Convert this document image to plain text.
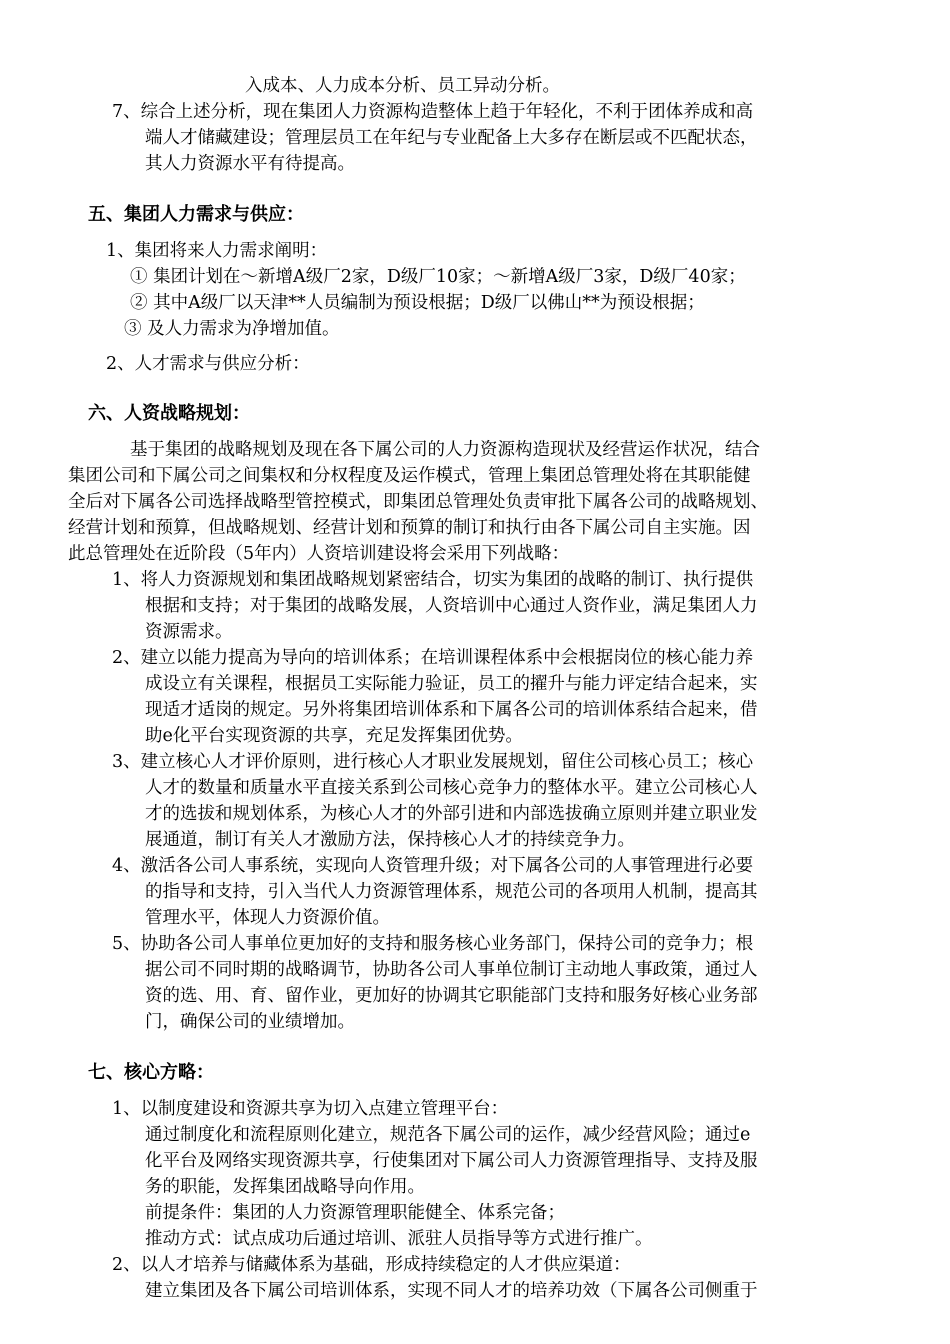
入成本、人力成本分析、员工异动分析。
7、综合上述分析，现在集团人力资源构造整体上趋于年轻化，不利于团体养成和高
端人才储藏建设；管理层员工在年纪与专业配备上大多存在断层或不匹配状态，
其人力资源水平有待提高。
五、集团人力需求与供应：
1、集团将来人力需求阐明：
① 集团计划在～新增A级厂2家，D级厂10家；～新增A级厂3家，D级厂40家；
② 其中A级厂以天津**人员编制为预设根据；D级厂以佛山**为预设根据；
③ 及人力需求为净增加值。
2、人才需求与供应分析：
六、人资战略规划：
基于集团的战略规划及现在各下属公司的人力资源构造现状及经营运作状况，结合
集团公司和下属公司之间集权和分权程度及运作模式，管理上集团总管理处将在其职能健
全后对下属各公司选择战略型管控模式，即集团总管理处负责审批下属各公司的战略规划、
经营计划和预算，但战略规划、经营计划和预算的制订和执行由各下属公司自主实施。因
此总管理处在近阶段（5年内）人资培训建设将会采用下列战略：
1、将人力资源规划和集团战略规划紧密结合，切实为集团的战略的制订、执行提供
根据和支持；对于集团的战略发展，人资培训中心通过人资作业，满足集团人力
资源需求。
2、建立以能力提高为导向的培训体系；在培训课程体系中会根据岗位的核心能力养
成设立有关课程，根据员工实际能力验证，员工的擢升与能力评定结合起来，实
现适才适岗的规定。另外将集团培训体系和下属各公司的培训体系结合起来，借
助e化平台实现资源的共享，充足发挥集团优势。
3、建立核心人才评价原则，进行核心人才职业发展规划，留住公司核心员工；核心
人才的数量和质量水平直接关系到公司核心竞争力的整体水平。建立公司核心人
才的选拔和规划体系，为核心人才的外部引进和内部选拔确立原则并建立职业发
展通道，制订有关人才激励方法，保持核心人才的持续竞争力。
4、激活各公司人事系统，实现向人资管理升级；对下属各公司的人事管理进行必要
的指导和支持，引入当代人力资源管理体系，规范公司的各项用人机制，提高其
管理水平，体现人力资源价值。
5、协助各公司人事单位更加好的支持和服务核心业务部门，保持公司的竞争力；根
据公司不同时期的战略调节，协助各公司人事单位制订主动地人事政策，通过人
资的选、用、育、留作业，更加好的协调其它职能部门支持和服务好核心业务部
门，确保公司的业绩增加。
七、核心方略：
1、以制度建设和资源共享为切入点建立管理平台：
通过制度化和流程原则化建立，规范各下属公司的运作，减少经营风险；通过e
化平台及网络实现资源共享，行使集团对下属公司人力资源管理指导、支持及服
务的职能，发挥集团战略导向作用。
前提条件：集团的人力资源管理职能健全、体系完备；
推动方式：试点成功后通过培训、派驻人员指导等方式进行推广。
2、以人才培养与储藏体系为基础，形成持续稳定的人才供应渠道：
建立集团及各下属公司培训体系，实现不同人才的培养功效（下属各公司侧重于
